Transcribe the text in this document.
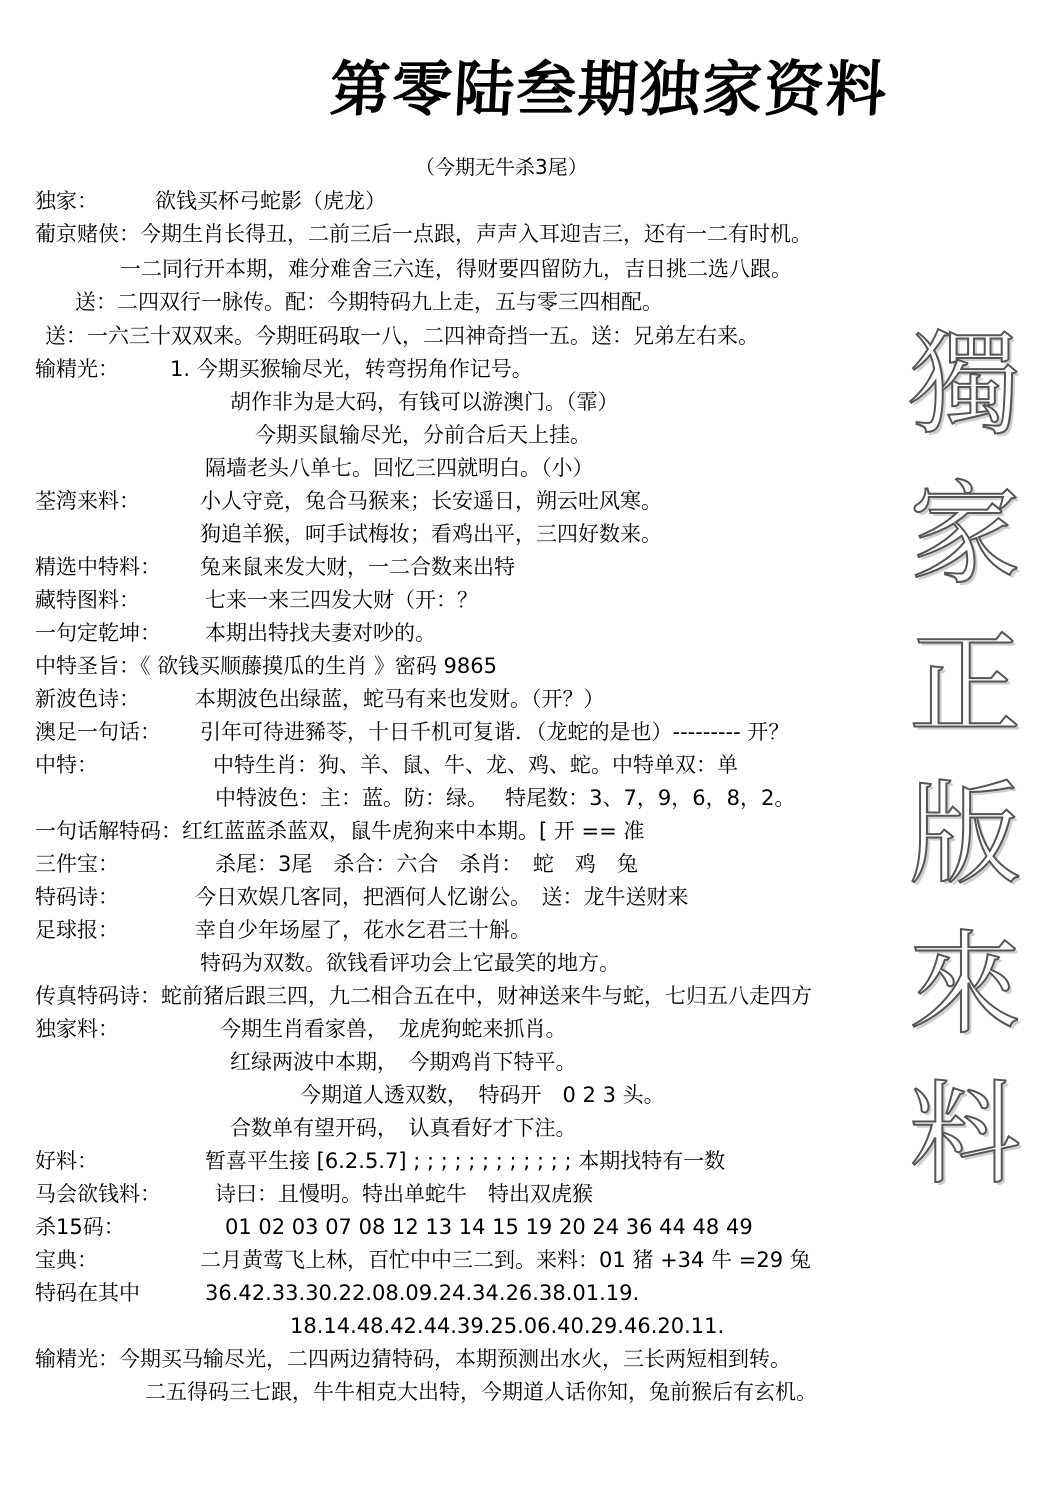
第零陆叁期独家资料
（今期无牛杀3尾）
獨
家
正
版
來
料
独家：	欲钱买杯弓蛇影（虎龙）
葡京赌侠： 今期生肖长得丑，二前三后一点跟，声声入耳迎吉三，还有一二有时机。
一二同行开本期，难分难舍三六连，得财要四留防九，吉日挑二选八跟。
送：二四双行一脉传。配：今期特码九上走，五与零三四相配。
送：一六三十双双来。今期旺码取一八，二四神奇挡一五。送：兄弟左右来。
输精光： 1. 今期买猴输尽光，转弯拐角作记号。
胡作非为是大码，有钱可以游澳门。（霏）
今期买鼠输尽光，分前合后天上挂。
隔墙老头八单七。回忆三四就明白。（小）
荃湾来料：	小人守竞，兔合马猴来；长安遥日，朔云吐风寒。
狗追羊猴，呵手试梅妆；看鸡出平，三四好数来。
精选中特料： 兔来鼠来发大财，一二合数来出特
藏特图料：	七来一来三四发大财（开：？
一句定乾坤： 本期出特找夫妻对吵的。
中特圣旨：《 欲钱买顺藤摸瓜的生肖 》密码 9865
新波色诗：	本期波色出绿蓝，蛇马有来也发财。（开？）
澳足一句话： 引年可待进豨苓，十日千机可复谐．（龙蛇的是也）--------- 开？
中特：	中特生肖：狗、羊、鼠、牛、龙、鸡、蛇。中特单双：单
中特波色：主：蓝。防：绿。　 特尾数：3、7，9，6，8，2。
一句话解特码：红红蓝蓝杀蓝双，鼠牛虎狗来中本期。[ 开 == 准
三件宝：	杀尾：3尾　杀合：六合　杀肖：　蛇　鸡　兔
特码诗：	今日欢娱几客同，把酒何人忆谢公。　送：龙牛送财来
足球报：	幸自少年场屋了，花水乞君三十斛。
特码为双数。欲钱看评功会上它最笑的地方。
传真特码诗：蛇前猪后跟三四，九二相合五在中，财神送来牛与蛇，七归五八走四方
独家料：	今期生肖看家兽，　龙虎狗蛇来抓肖。
红绿两波中本期，　今期鸡肖下特平。
今期道人透双数，　特码开　0 2 3 头。
合数单有望开码，　认真看好才下注。
好料：	暂喜平生接 [6.2.5.7] ; ; ; ; ; ; ; ; ; ; ; ; 本期找特有一数
马会欲钱料：	诗曰：且慢明。特出单蛇牛　特出双虎猴
杀15码：	01 02 03 07 08 12 13 14 15 19 20 24 36 44 48 49
宝典：	二月黄莺飞上林，百忙中中三二到。来料：01 猪 +34 牛 =29 兔
特码在其中	36.42.33.30.22.08.09.24.34.26.38.01.19.
18.14.48.42.44.39.25.06.40.29.46.20.11.
输精光：今期买马输尽光，二四两边猜特码，本期预测出水火，三长两短相到转。
二五得码三七跟，牛牛相克大出特，今期道人话你知，兔前猴后有玄机。
